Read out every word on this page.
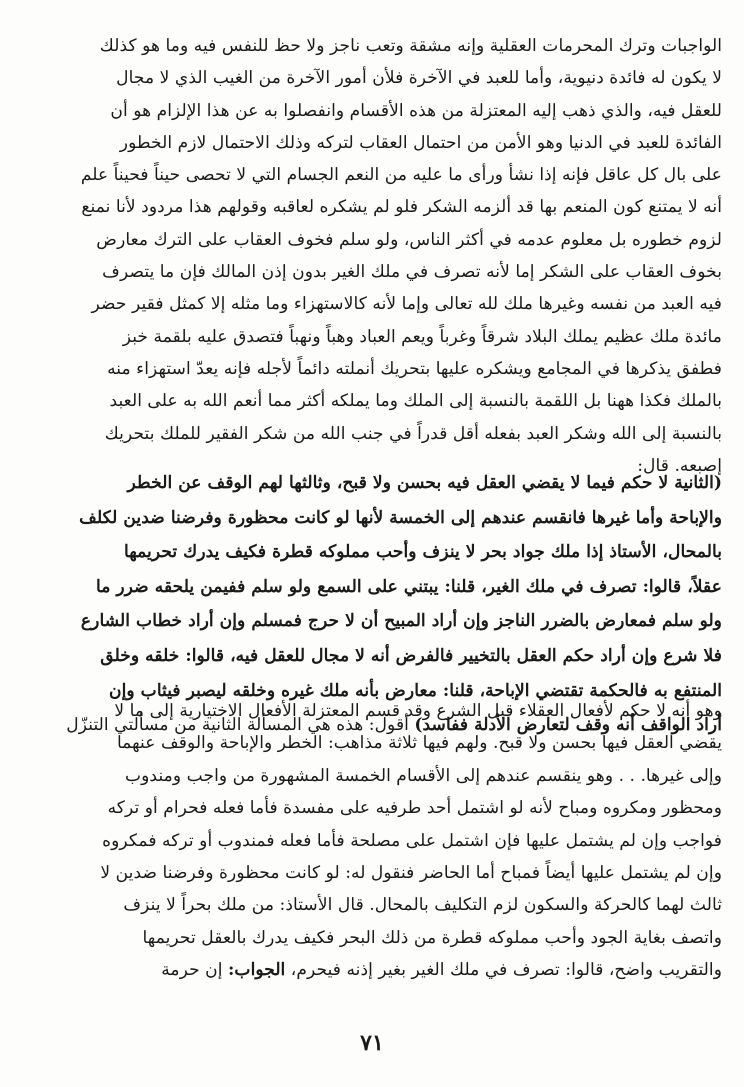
الواجبات وترك المحرمات العقلية وإنه مشقة وتعب ناجز ولا حظ للنفس فيه وما هو كذلك
لا يكون له فائدة دنيوية، وأما للعبد في الآخرة فلأن أمور الآخرة من الغيب الذي لا مجال
للعقل فيه، والذي ذهب إليه المعتزلة من هذه الأقسام وانفصلوا به عن هذا الإلزام هو أن
الفائدة للعبد في الدنيا وهو الأمن من احتمال العقاب لتركه وذلك الاحتمال لازم الخطور
على بال كل عاقل فإنه إذا نشأ ورأى ما عليه من النعم الجسام التي لا تحصى حيناً فحيناً علم
أنه لا يمتنع كون المنعم بها قد ألزمه الشكر فلو لم يشكره لعاقبه وقولهم هذا مردود لأنا نمنع
لزوم خطوره بل معلوم عدمه في أكثر الناس، ولو سلم فخوف العقاب على الترك معارض
بخوف العقاب على الشكر إما لأنه تصرف في ملك الغير بدون إذن المالك فإن ما يتصرف
فيه العبد من نفسه وغيرها ملك لله تعالى وإما لأنه كالاستهزاء وما مثله إلا كمثل فقير حضر
مائدة ملك عظيم يملك البلاد شرقاً وغرباً ويعم العباد وهباً ونهباً فتصدق عليه بلقمة خبز
فطفق يذكرها في المجامع ويشكره عليها بتحريك أنملته دائماً لأجله فإنه يعدّ استهزاء منه
بالملك فكذا ههنا بل اللقمة بالنسبة إلى الملك وما يملكه أكثر مما أنعم الله به على العبد
بالنسبة إلى الله وشكر العبد بفعله أقل قدراً في جنب الله من شكر الفقير للملك بتحريك
إصبعه. قال:
(الثانية لا حكم فيما لا يقضي العقل فيه بحسن ولا قبح، وثالثها لهم الوقف عن الخطر
والإباحة وأما غيرها فانقسم عندهم إلى الخمسة لأنها لو كانت محظورة وفرضنا ضدين لكلف
بالمحال، الأستاذ إذا ملك جواد بحر لا ينزف وأحب مملوكه قطرة فكيف يدرك تحريمها
عقلاً، قالوا: تصرف في ملك الغير، قلنا: يبتني على السمع ولو سلم ففيمن يلحقه ضرر ما
ولو سلم فمعارض بالضرر الناجز وإن أراد المبيح أن لا حرج فمسلم وإن أراد خطاب الشارع
فلا شرع وإن أراد حكم العقل بالتخيير فالفرض أنه لا مجال للعقل فيه، قالوا: خلقه وخلق
المنتفع به فالحكمة تقتضي الإباحة، قلنا: معارض بأنه ملك غيره وخلقه ليصبر فيثاب وإن
أراد الواقف أنه وقف لتعارض الأدلة ففاسد) أقول: هذه هي المسألة الثانية من مسألتي التنزّل
وهو أنه لا حكم لأفعال العقلاء قبل الشرع وقد قسم المعتزلة الأفعال الاختيارية إلى ما لا
يقضي العقل فيها بحسن ولا قبح. ولهم فيها ثلاثة مذاهب: الخطر والإباحة والوقف عنهما
وإلى غيرها. . . وهو ينقسم عندهم إلى الأقسام الخمسة المشهورة من واجب ومندوب
ومحظور ومكروه ومباح لأنه لو اشتمل أحد طرفيه على مفسدة فأما فعله فحرام أو تركه
فواجب وإن لم يشتمل عليها فإن اشتمل على مصلحة فأما فعله فمندوب أو تركه فمكروه
وإن لم يشتمل عليها أيضاً فمباح أما الحاضر فنقول له: لو كانت محظورة وفرضنا ضدين لا
ثالث لهما كالحركة والسكون لزم التكليف بالمحال. قال الأستاذ: من ملك بحراً لا ينزف
واتصف بغاية الجود وأحب مملوكه قطرة من ذلك البحر فكيف يدرك بالعقل تحريمها
والتقريب واضح، قالوا: تصرف في ملك الغير بغير إذنه فيحرم، الجواب: إن حرمة
٧١
